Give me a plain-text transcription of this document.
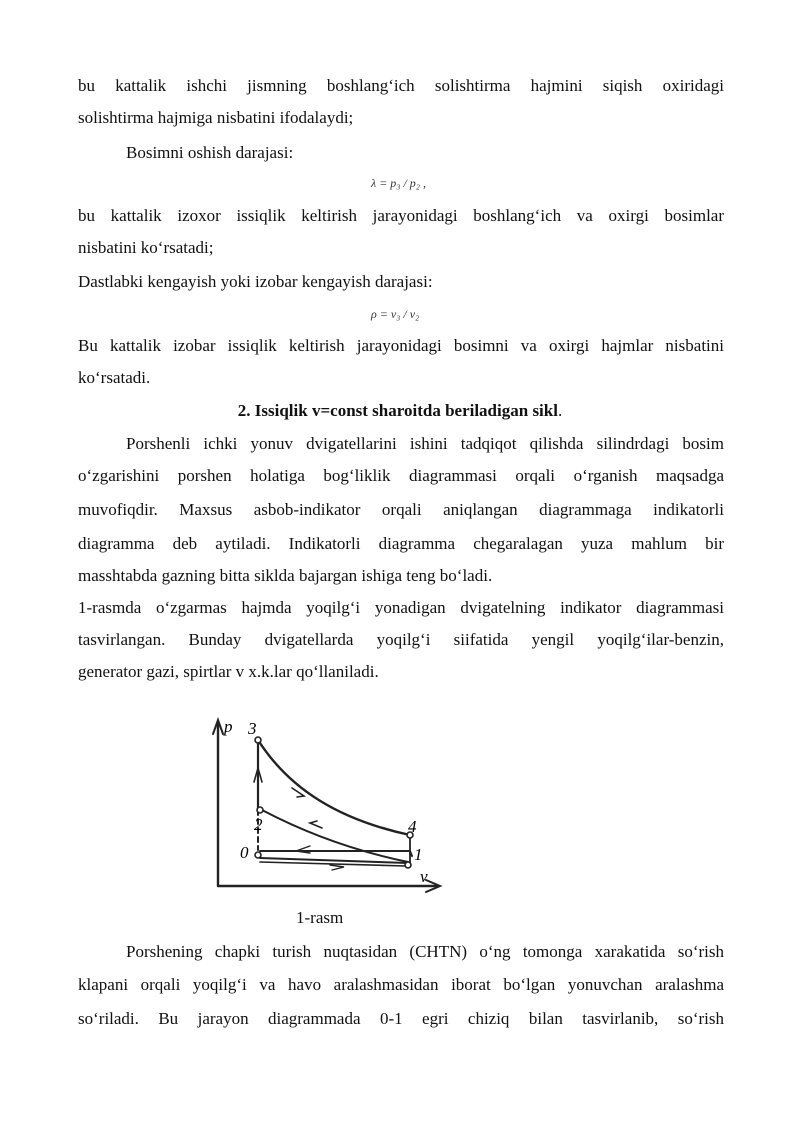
bu kattalik ishchi jismning boshlang‘ich solishtirma hajmini siqish oxiridagi
solishtirma hajmiga nisbatini ifodalaydi;
Bosimni oshish darajasi:
λ = p₃ / p₂ ,
bu kattalik izoxor issiqlik keltirish jarayonidagi boshlang‘ich va oxirgi bosimlar
nisbatini ko‘rsatadi;
Dastlabki kengayish yoki izobar kengayish darajasi:
ρ = v₃ / v₂
Bu kattalik izobar issiqlik keltirish jarayonidagi bosimni va oxirgi hajmlar nisbatini
ko‘rsatadi.
2. Issiqlik v=const sharoitda beriladigan sikl.
Porshenli ichki yonuv dvigatellarini ishini tadqiqot qilishda silindrdagi bosim
o‘zgarishini porshen holatiga bog‘liklik diagrammasi orqali o‘rganish maqsadga
muvofiqdir. Maxsus asbob-indikator orqali aniqlangan diagrammaga indikatorli
diagramma deb aytiladi. Indikatorli diagramma chegaralagan yuza mahlum bir
masshtabda gazning bitta siklda bajargan ishiga teng bo‘ladi.
1-rasmda o‘zgarmas hajmda yoqilg‘i yonadigan dvigatelning indikator diagrammasi
tasvirlangan. Bunday dvigatellarda yoqilg‘i siifatida yengil yoqilg‘ilar-benzin,
generator gazi, spirtlar v x.k.lar qo‘llaniladi.
p
v
3
2
0
4
1
1-rasm
Porshening chapki turish nuqtasidan (CHTN) o‘ng tomonga xarakatida so‘rish
klapani orqali yoqilg‘i va havo aralashmasidan iborat bo‘lgan yonuvchan aralashma
so‘riladi. Bu jarayon diagrammada 0-1 egri chiziq bilan tasvirlanib, so‘rish
